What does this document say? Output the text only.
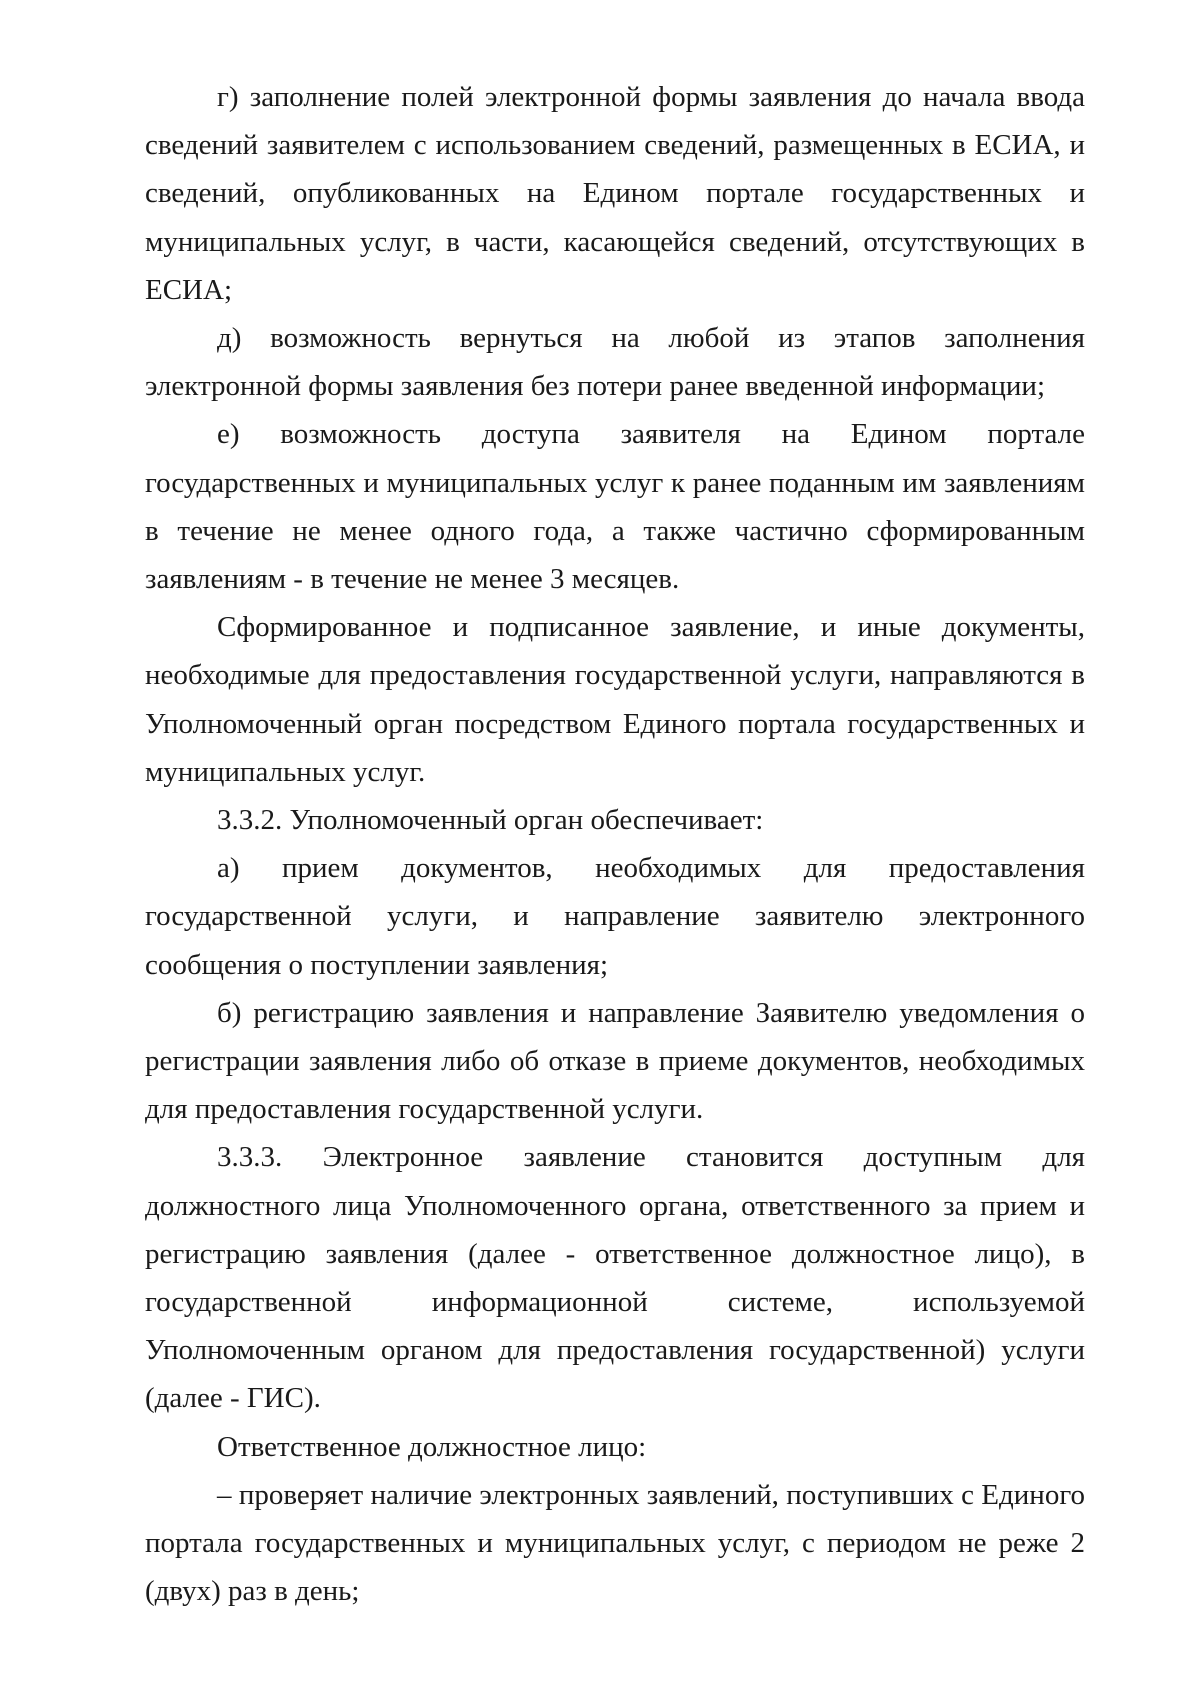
г) заполнение полей электронной формы заявления до начала ввода сведений заявителем с использованием сведений, размещенных в ЕСИА, и сведений, опубликованных на Едином портале государственных и муниципальных услуг, в части, касающейся сведений, отсутствующих в ЕСИА;

д) возможность вернуться на любой из этапов заполнения электронной формы заявления без потери ранее введенной информации;

е) возможность доступа заявителя на Едином портале государственных и муниципальных услуг к ранее поданным им заявлениям в течение не менее одного года, а также частично сформированным заявлениям - в течение не менее 3 месяцев.

Сформированное и подписанное заявление, и иные документы, необходимые для предоставления государственной услуги, направляются в Уполномоченный орган посредством Единого портала государственных и муниципальных услуг.

3.3.2. Уполномоченный орган обеспечивает:

а) прием документов, необходимых для предоставления государственной услуги, и направление заявителю электронного сообщения о поступлении заявления;

б) регистрацию заявления и направление Заявителю уведомления о регистрации заявления либо об отказе в приеме документов, необходимых для предоставления государственной услуги.

3.3.3. Электронное заявление становится доступным для должностного лица Уполномоченного органа, ответственного за прием и регистрацию заявления (далее - ответственное должностное лицо), в государственной информационной системе, используемой Уполномоченным органом для предоставления государственной) услуги (далее - ГИС).

Ответственное должностное лицо:

– проверяет наличие электронных заявлений, поступивших с Единого портала государственных и муниципальных услуг, с периодом не реже 2 (двух) раз в день;
